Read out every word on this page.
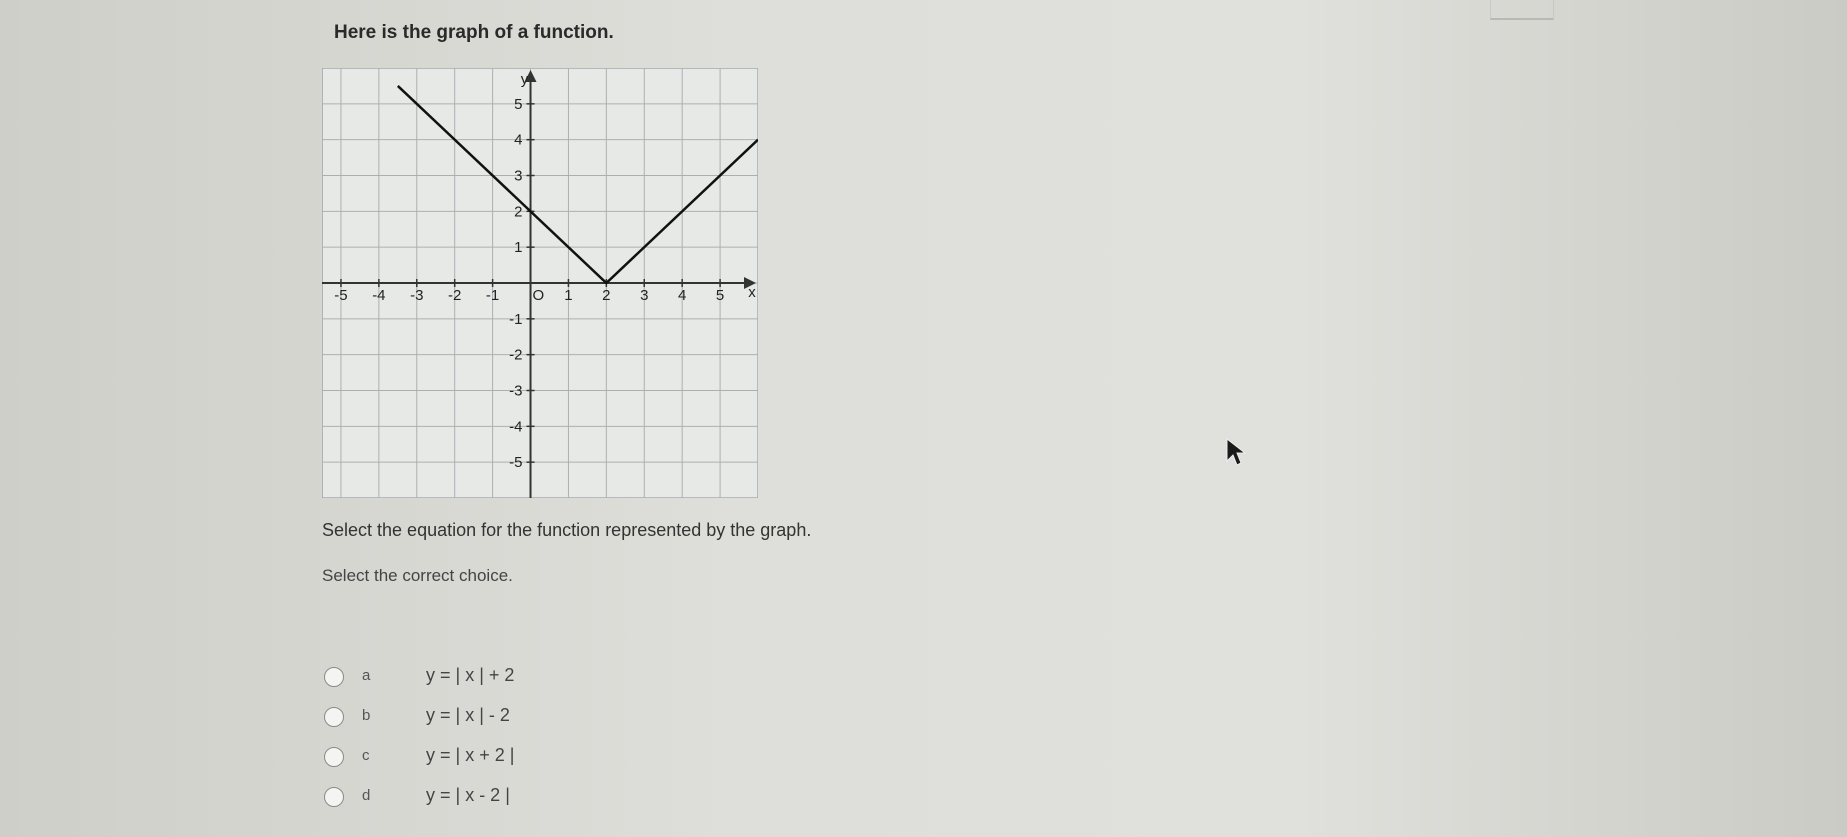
Here is the graph of a function.
-5 -4 -3 -2 -1	1 2 3 4 5
5
4
3
2
1
-1
-2
-3
-4
-5
O	x
y
Select the equation for the function represented by the graph.
Select the correct choice.
a	y = | x | + 2
b	y = | x | - 2
c	y = | x + 2 |
d	y = | x - 2 |
